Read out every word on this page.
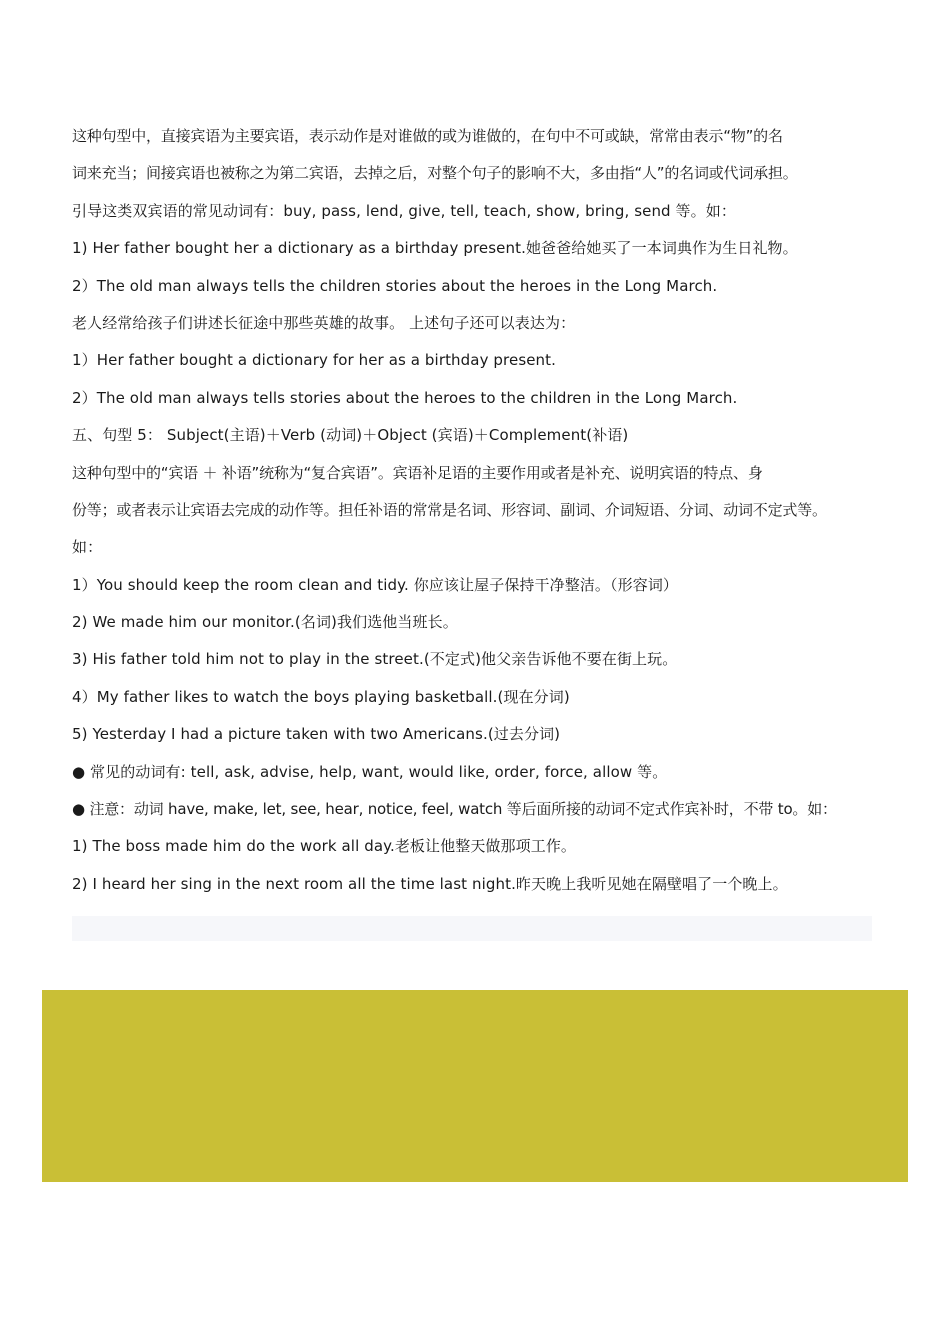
这种句型中，直接宾语为主要宾语，表示动作是对谁做的或为谁做的，在句中不可或缺，常常由表示“物”的名
词来充当；间接宾语也被称之为第二宾语，去掉之后，对整个句子的影响不大，多由指“人”的名词或代词承担。
引导这类双宾语的常见动词有：buy, pass, lend, give, tell, teach, show, bring, send 等。如：
1) Her father bought her a dictionary as a birthday present.她爸爸给她买了一本词典作为生日礼物。
2）The old man always tells the children stories about the heroes in the Long March.
老人经常给孩子们讲述长征途中那些英雄的故事。 上述句子还可以表达为：
1）Her father bought a dictionary for her as a birthday present.
2）The old man always tells stories about the heroes to the children in the Long March.
五、句型 5： Subject(主语)＋Verb (动词)＋Object (宾语)＋Complement(补语)
这种句型中的“宾语 ＋ 补语”统称为“复合宾语”。宾语补足语的主要作用或者是补充、说明宾语的特点、身
份等；或者表示让宾语去完成的动作等。担任补语的常常是名词、形容词、副词、介词短语、分词、动词不定式等。
如：
1）You should keep the room clean and tidy. 你应该让屋子保持干净整洁。（形容词）
2) We made him our monitor.(名词)我们选他当班长。
3) His father told him not to play in the street.(不定式)他父亲告诉他不要在街上玩。
4）My father likes to watch the boys playing basketball.(现在分词)
5) Yesterday I had a picture taken with two Americans.(过去分词)
● 常见的动词有: tell, ask, advise, help, want, would like, order, force, allow 等。
● 注意：动词 have, make, let, see, hear, notice, feel, watch 等后面所接的动词不定式作宾补时，不带 to。如：
1) The boss made him do the work all day.老板让他整天做那项工作。
2) I heard her sing in the next room all the time last night.昨天晚上我听见她在隔壁唱了一个晚上。
